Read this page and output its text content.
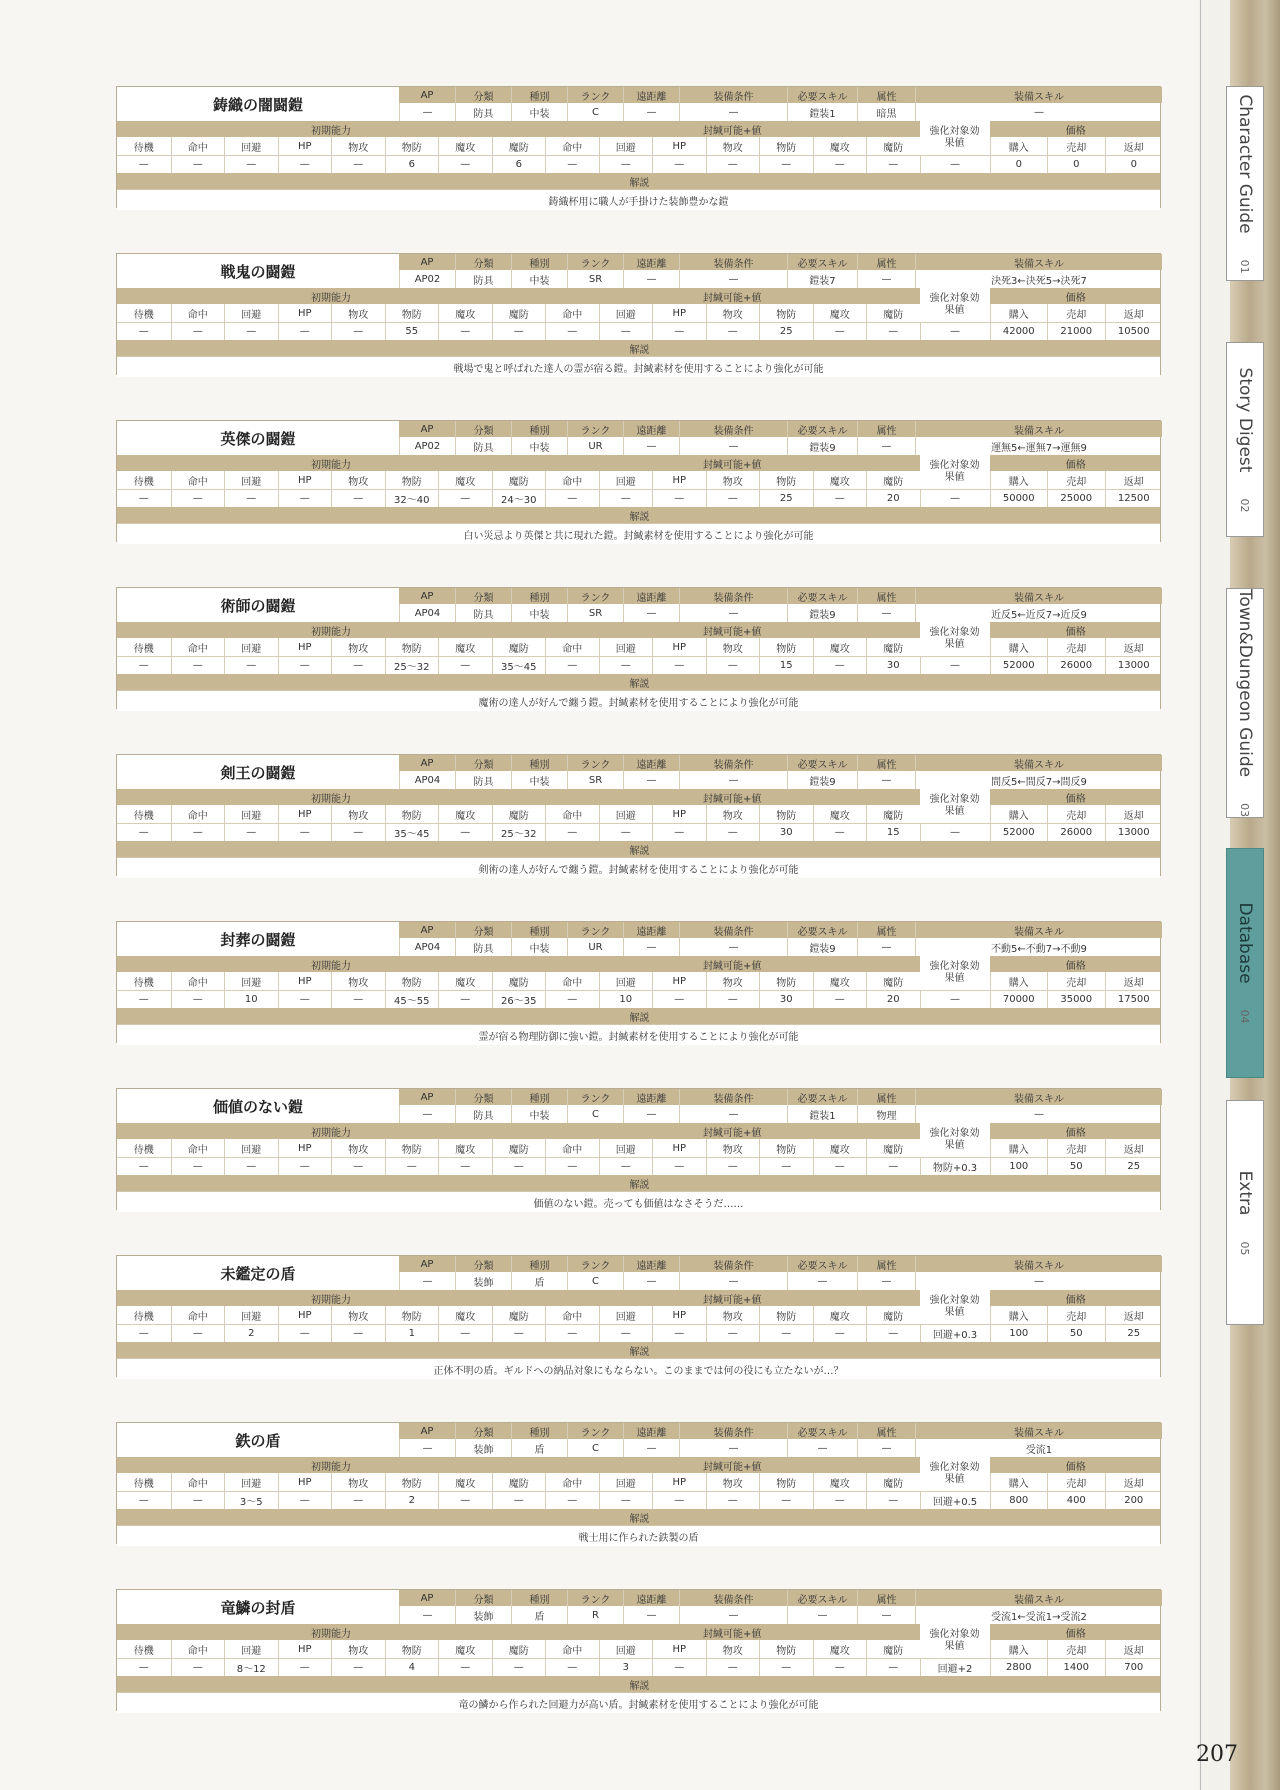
Character Guide
01
Story Digest
02
Town&Dungeon Guide
03
Database
04
Extra
05
鋳織の闇闘鎧
AP	分類	種別	ランク	遠距離	装備条件	必要スキル	属性	装備スキル
—	防具	中装	C	—	—	鎧装1	暗黒	—
初期能力	封緘可能+値	価格
強化対象効果値
待機	命中	回避	HP	物攻	物防	魔攻	魔防	命中	回避	HP	物攻	物防	魔攻	魔防	購入	売却	返却
—	—	—	—	—	6	—	6	—	—	—	—	—	—	—	—	0	0	0
解説
鋳織杯用に職人が手掛けた装飾豊かな鎧
戦鬼の闘鎧
AP	分類	種別	ランク	遠距離	装備条件	必要スキル	属性	装備スキル
AP02	防具	中装	SR	—	—	鎧装7	—	決死3←決死5→決死7
初期能力	封緘可能+値	価格
強化対象効果値
待機	命中	回避	HP	物攻	物防	魔攻	魔防	命中	回避	HP	物攻	物防	魔攻	魔防	購入	売却	返却
—	—	—	—	—	55	—	—	—	—	—	—	25	—	—	—	42000	21000	10500
解説
戦場で鬼と呼ばれた達人の霊が宿る鎧。封緘素材を使用することにより強化が可能
英傑の闘鎧
AP	分類	種別	ランク	遠距離	装備条件	必要スキル	属性	装備スキル
AP02	防具	中装	UR	—	—	鎧装9	—	運無5←運無7→運無9
初期能力	封緘可能+値	価格
強化対象効果値
待機	命中	回避	HP	物攻	物防	魔攻	魔防	命中	回避	HP	物攻	物防	魔攻	魔防	購入	売却	返却
—	—	—	—	—	32～40	—	24～30	—	—	—	—	25	—	20	—	50000	25000	12500
解説
白い災忌より英傑と共に現れた鎧。封緘素材を使用することにより強化が可能
術師の闘鎧
AP	分類	種別	ランク	遠距離	装備条件	必要スキル	属性	装備スキル
AP04	防具	中装	SR	—	—	鎧装9	—	近反5←近反7→近反9
初期能力	封緘可能+値	価格
強化対象効果値
待機	命中	回避	HP	物攻	物防	魔攻	魔防	命中	回避	HP	物攻	物防	魔攻	魔防	購入	売却	返却
—	—	—	—	—	25～32	—	35～45	—	—	—	—	15	—	30	—	52000	26000	13000
解説
魔術の達人が好んで纏う鎧。封緘素材を使用することにより強化が可能
剣王の闘鎧
AP	分類	種別	ランク	遠距離	装備条件	必要スキル	属性	装備スキル
AP04	防具	中装	SR	—	—	鎧装9	—	間反5←間反7→間反9
初期能力	封緘可能+値	価格
強化対象効果値
待機	命中	回避	HP	物攻	物防	魔攻	魔防	命中	回避	HP	物攻	物防	魔攻	魔防	購入	売却	返却
—	—	—	—	—	35～45	—	25～32	—	—	—	—	30	—	15	—	52000	26000	13000
解説
剣術の達人が好んで纏う鎧。封緘素材を使用することにより強化が可能
封葬の闘鎧
AP	分類	種別	ランク	遠距離	装備条件	必要スキル	属性	装備スキル
AP04	防具	中装	UR	—	—	鎧装9	—	不動5←不動7→不動9
初期能力	封緘可能+値	価格
強化対象効果値
待機	命中	回避	HP	物攻	物防	魔攻	魔防	命中	回避	HP	物攻	物防	魔攻	魔防	購入	売却	返却
—	—	10	—	—	45～55	—	26～35	—	10	—	—	30	—	20	—	70000	35000	17500
解説
霊が宿る物理防御に強い鎧。封緘素材を使用することにより強化が可能
価値のない鎧
AP	分類	種別	ランク	遠距離	装備条件	必要スキル	属性	装備スキル
—	防具	中装	C	—	—	鎧装1	物理	—
初期能力	封緘可能+値	価格
強化対象効果値
待機	命中	回避	HP	物攻	物防	魔攻	魔防	命中	回避	HP	物攻	物防	魔攻	魔防	購入	売却	返却
—	—	—	—	—	—	—	—	—	—	—	—	—	—	—	物防+0.3	100	50	25
解説
価値のない鎧。売っても価値はなさそうだ……
未鑑定の盾
AP	分類	種別	ランク	遠距離	装備条件	必要スキル	属性	装備スキル
—	装飾	盾	C	—	—	—	—	—
初期能力	封緘可能+値	価格
強化対象効果値
待機	命中	回避	HP	物攻	物防	魔攻	魔防	命中	回避	HP	物攻	物防	魔攻	魔防	購入	売却	返却
—	—	2	—	—	1	—	—	—	—	—	—	—	—	—	回避+0.3	100	50	25
解説
正体不明の盾。ギルドへの納品対象にもならない。このままでは何の役にも立たないが…？
鉄の盾
AP	分類	種別	ランク	遠距離	装備条件	必要スキル	属性	装備スキル
—	装飾	盾	C	—	—	—	—	受流1
初期能力	封緘可能+値	価格
強化対象効果値
待機	命中	回避	HP	物攻	物防	魔攻	魔防	命中	回避	HP	物攻	物防	魔攻	魔防	購入	売却	返却
—	—	3～5	—	—	2	—	—	—	—	—	—	—	—	—	回避+0.5	800	400	200
解説
戦士用に作られた鉄製の盾
竜鱗の封盾
AP	分類	種別	ランク	遠距離	装備条件	必要スキル	属性	装備スキル
—	装飾	盾	R	—	—	—	—	受流1←受流1→受流2
初期能力	封緘可能+値	価格
強化対象効果値
待機	命中	回避	HP	物攻	物防	魔攻	魔防	命中	回避	HP	物攻	物防	魔攻	魔防	購入	売却	返却
—	—	8～12	—	—	4	—	—	—	3	—	—	—	—	—	回避+2	2800	1400	700
解説
竜の鱗から作られた回避力が高い盾。封緘素材を使用することにより強化が可能
207
